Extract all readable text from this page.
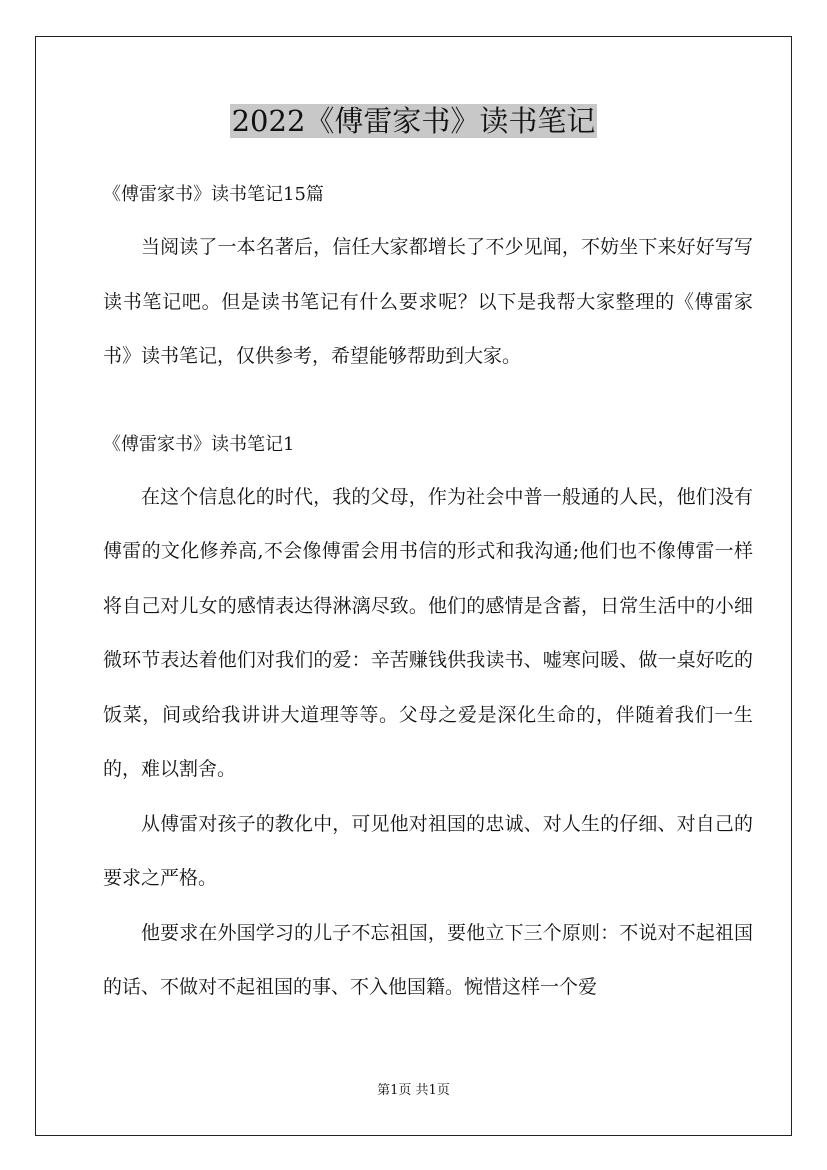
2022《傅雷家书》读书笔记

《傅雷家书》读书笔记15篇

当阅读了一本名著后，信任大家都增长了不少见闻，不妨坐下来好好写写读书笔记吧。但是读书笔记有什么要求呢？以下是我帮大家整理的《傅雷家书》读书笔记，仅供参考，希望能够帮助到大家。

《傅雷家书》读书笔记1

在这个信息化的时代，我的父母，作为社会中普一般通的人民，他们没有傅雷的文化修养高,不会像傅雷会用书信的形式和我沟通;他们也不像傅雷一样将自己对儿女的感情表达得淋漓尽致。他们的感情是含蓄，日常生活中的小细微环节表达着他们对我们的爱：辛苦赚钱供我读书、嘘寒问暖、做一桌好吃的饭菜，间或给我讲讲大道理等等。父母之爱是深化生命的，伴随着我们一生的，难以割舍。

从傅雷对孩子的教化中，可见他对祖国的忠诚、对人生的仔细、对自己的要求之严格。

他要求在外国学习的儿子不忘祖国，要他立下三个原则：不说对不起祖国的话、不做对不起祖国的事、不入他国籍。惋惜这样一个爱

第1页 共1页
